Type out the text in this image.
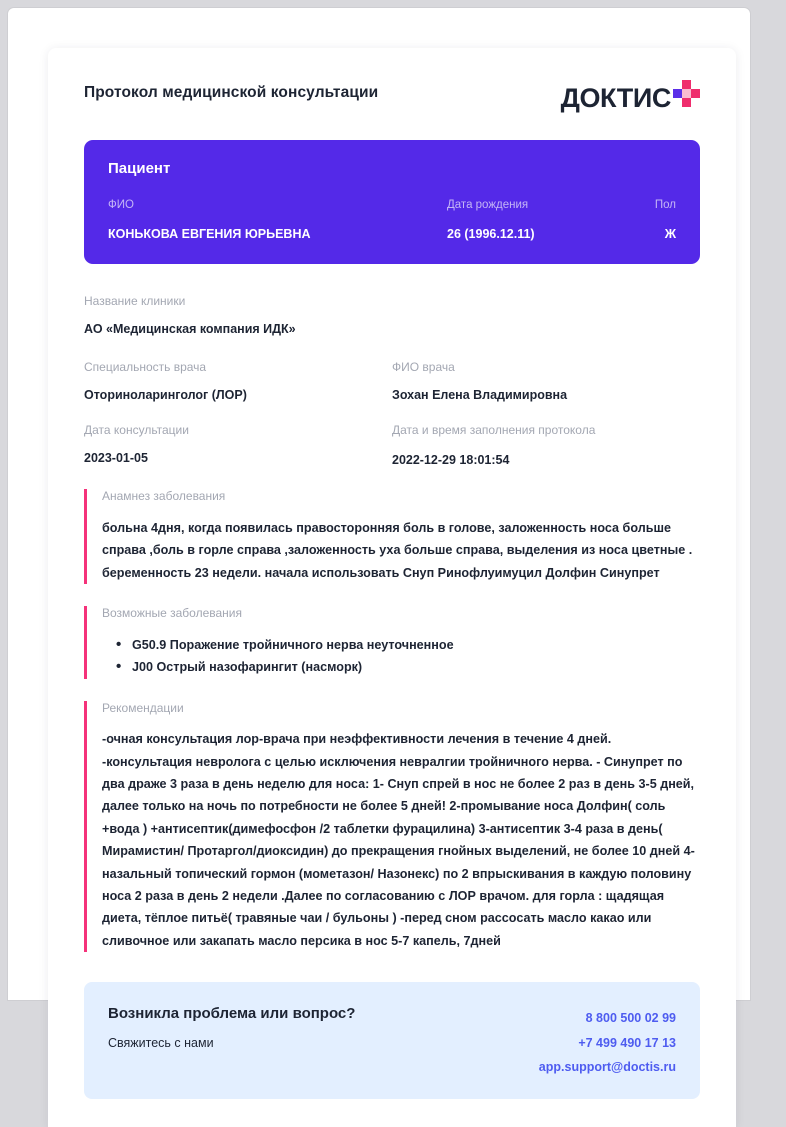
Протокол медицинской консультации	ДОКТИС
Пациент
ФИО
КОНЬКОВА ЕВГЕНИЯ ЮРЬЕВНА
Дата рождения
26 (1996.12.11)
Пол
Ж
Название клиники
АО «Медицинская компания ИДК»
Специальность врача
Оториноларинголог (ЛОР)
ФИО врача
Зохан Елена Владимировна
Дата консультации
2023-01-05
Дата и время заполнения протокола
2022-12-29 18:01:54
Анамнез заболевания
больна 4дня, когда появилась правосторонняя боль в голове, заложенность носа больше справа ,боль в горле справа ,заложенность уха больше справа, выделения из носа цветные . беременность 23 недели. начала использовать Снуп Ринофлуимуцил Долфин Синупрет
Возможные заболевания
• G50.9 Поражение тройничного нерва неуточненное
• J00 Острый назофарингит (насморк)
Рекомендации
-очная консультация лор-врача при неэффективности лечения в течение 4 дней. -консультация невролога с целью исключения невралгии тройничного нерва. - Синупрет по два драже 3 раза в день неделю для носа: 1- Снуп спрей в нос не более 2 раз в день 3-5 дней, далее только на ночь по потребности не более 5 дней! 2-промывание носа Долфин( соль +вода ) +антисептик(димефосфон /2 таблетки фурацилина) 3-антисептик 3-4 раза в день( Мирамистин/ Протаргол/диоксидин) до прекращения гнойных выделений, не более 10 дней 4-назальный топический гормон (мометазон/ Назонекс) по 2 впрыскивания в каждую половину носа 2 раза в день 2 недели .Далее по согласованию с ЛОР врачом. для горла : щадящая диета, тёплое питьё( травяные чаи / бульоны ) -перед сном рассосать масло какао или сливочное или закапать масло персика в нос 5-7 капель, 7дней
Возникла проблема или вопрос?
Свяжитесь с нами
8 800 500 02 99
+7 499 490 17 13
app.support@doctis.ru
